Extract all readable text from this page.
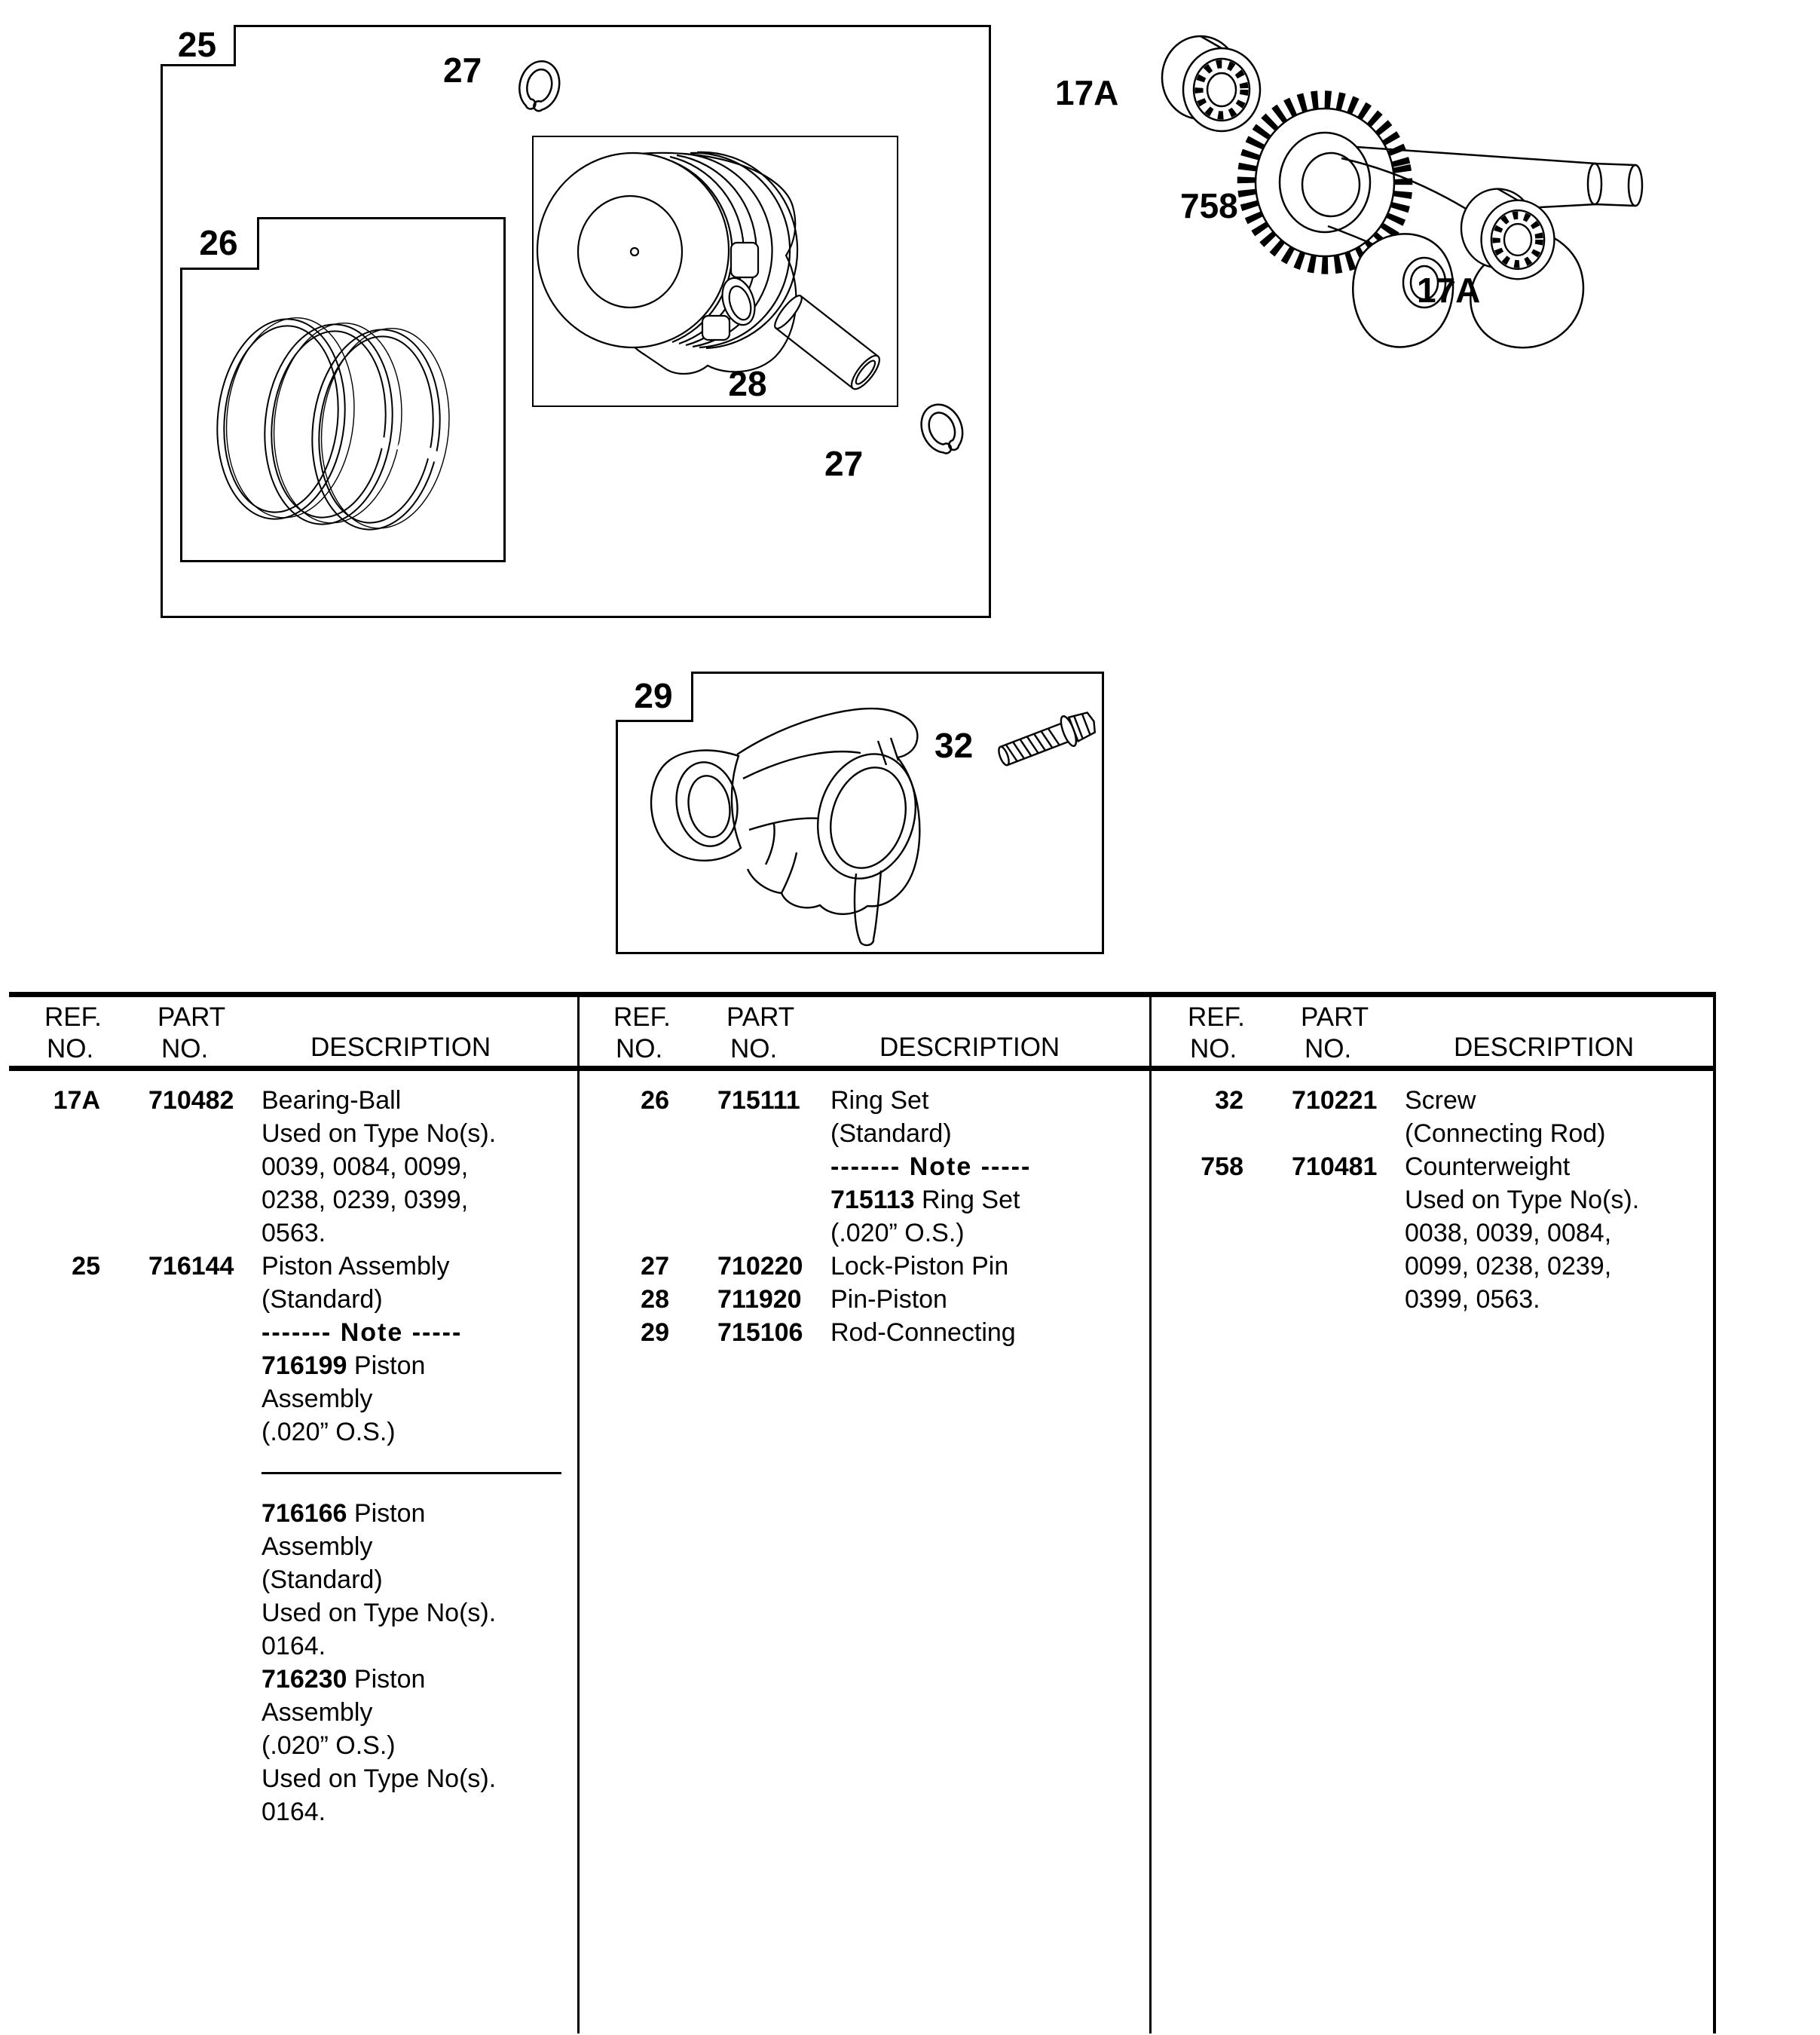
25
27
28
26
27
17A
758
17A
29
32
REF.
NO.
PART
NO.	DESCRIPTION
REF.
NO.
PART
NO.	DESCRIPTION
REF.
NO.
PART
NO.	DESCRIPTION
17A 710482	Bearing-Ball
Used on Type No(s).
0039, 0084, 0099,
0238, 0239, 0399,
0563.
25 716144	Piston Assembly
(Standard)
------- Note -----
716199 Piston
Assembly
(.020” O.S.)
716166 Piston
Assembly
(Standard)
Used on Type No(s).
0164.
716230 Piston
Assembly
(.020” O.S.)
Used on Type No(s).
0164.
26 715111	Ring Set
(Standard)
------- Note -----
715113 Ring Set
(.020” O.S.)
27 710220	Lock-Piston Pin
28 711920	Pin-Piston
29 715106	Rod-Connecting
32 710221	Screw
(Connecting Rod)
758 710481	Counterweight
Used on Type No(s).
0038, 0039, 0084,
0099, 0238, 0239,
0399, 0563.
